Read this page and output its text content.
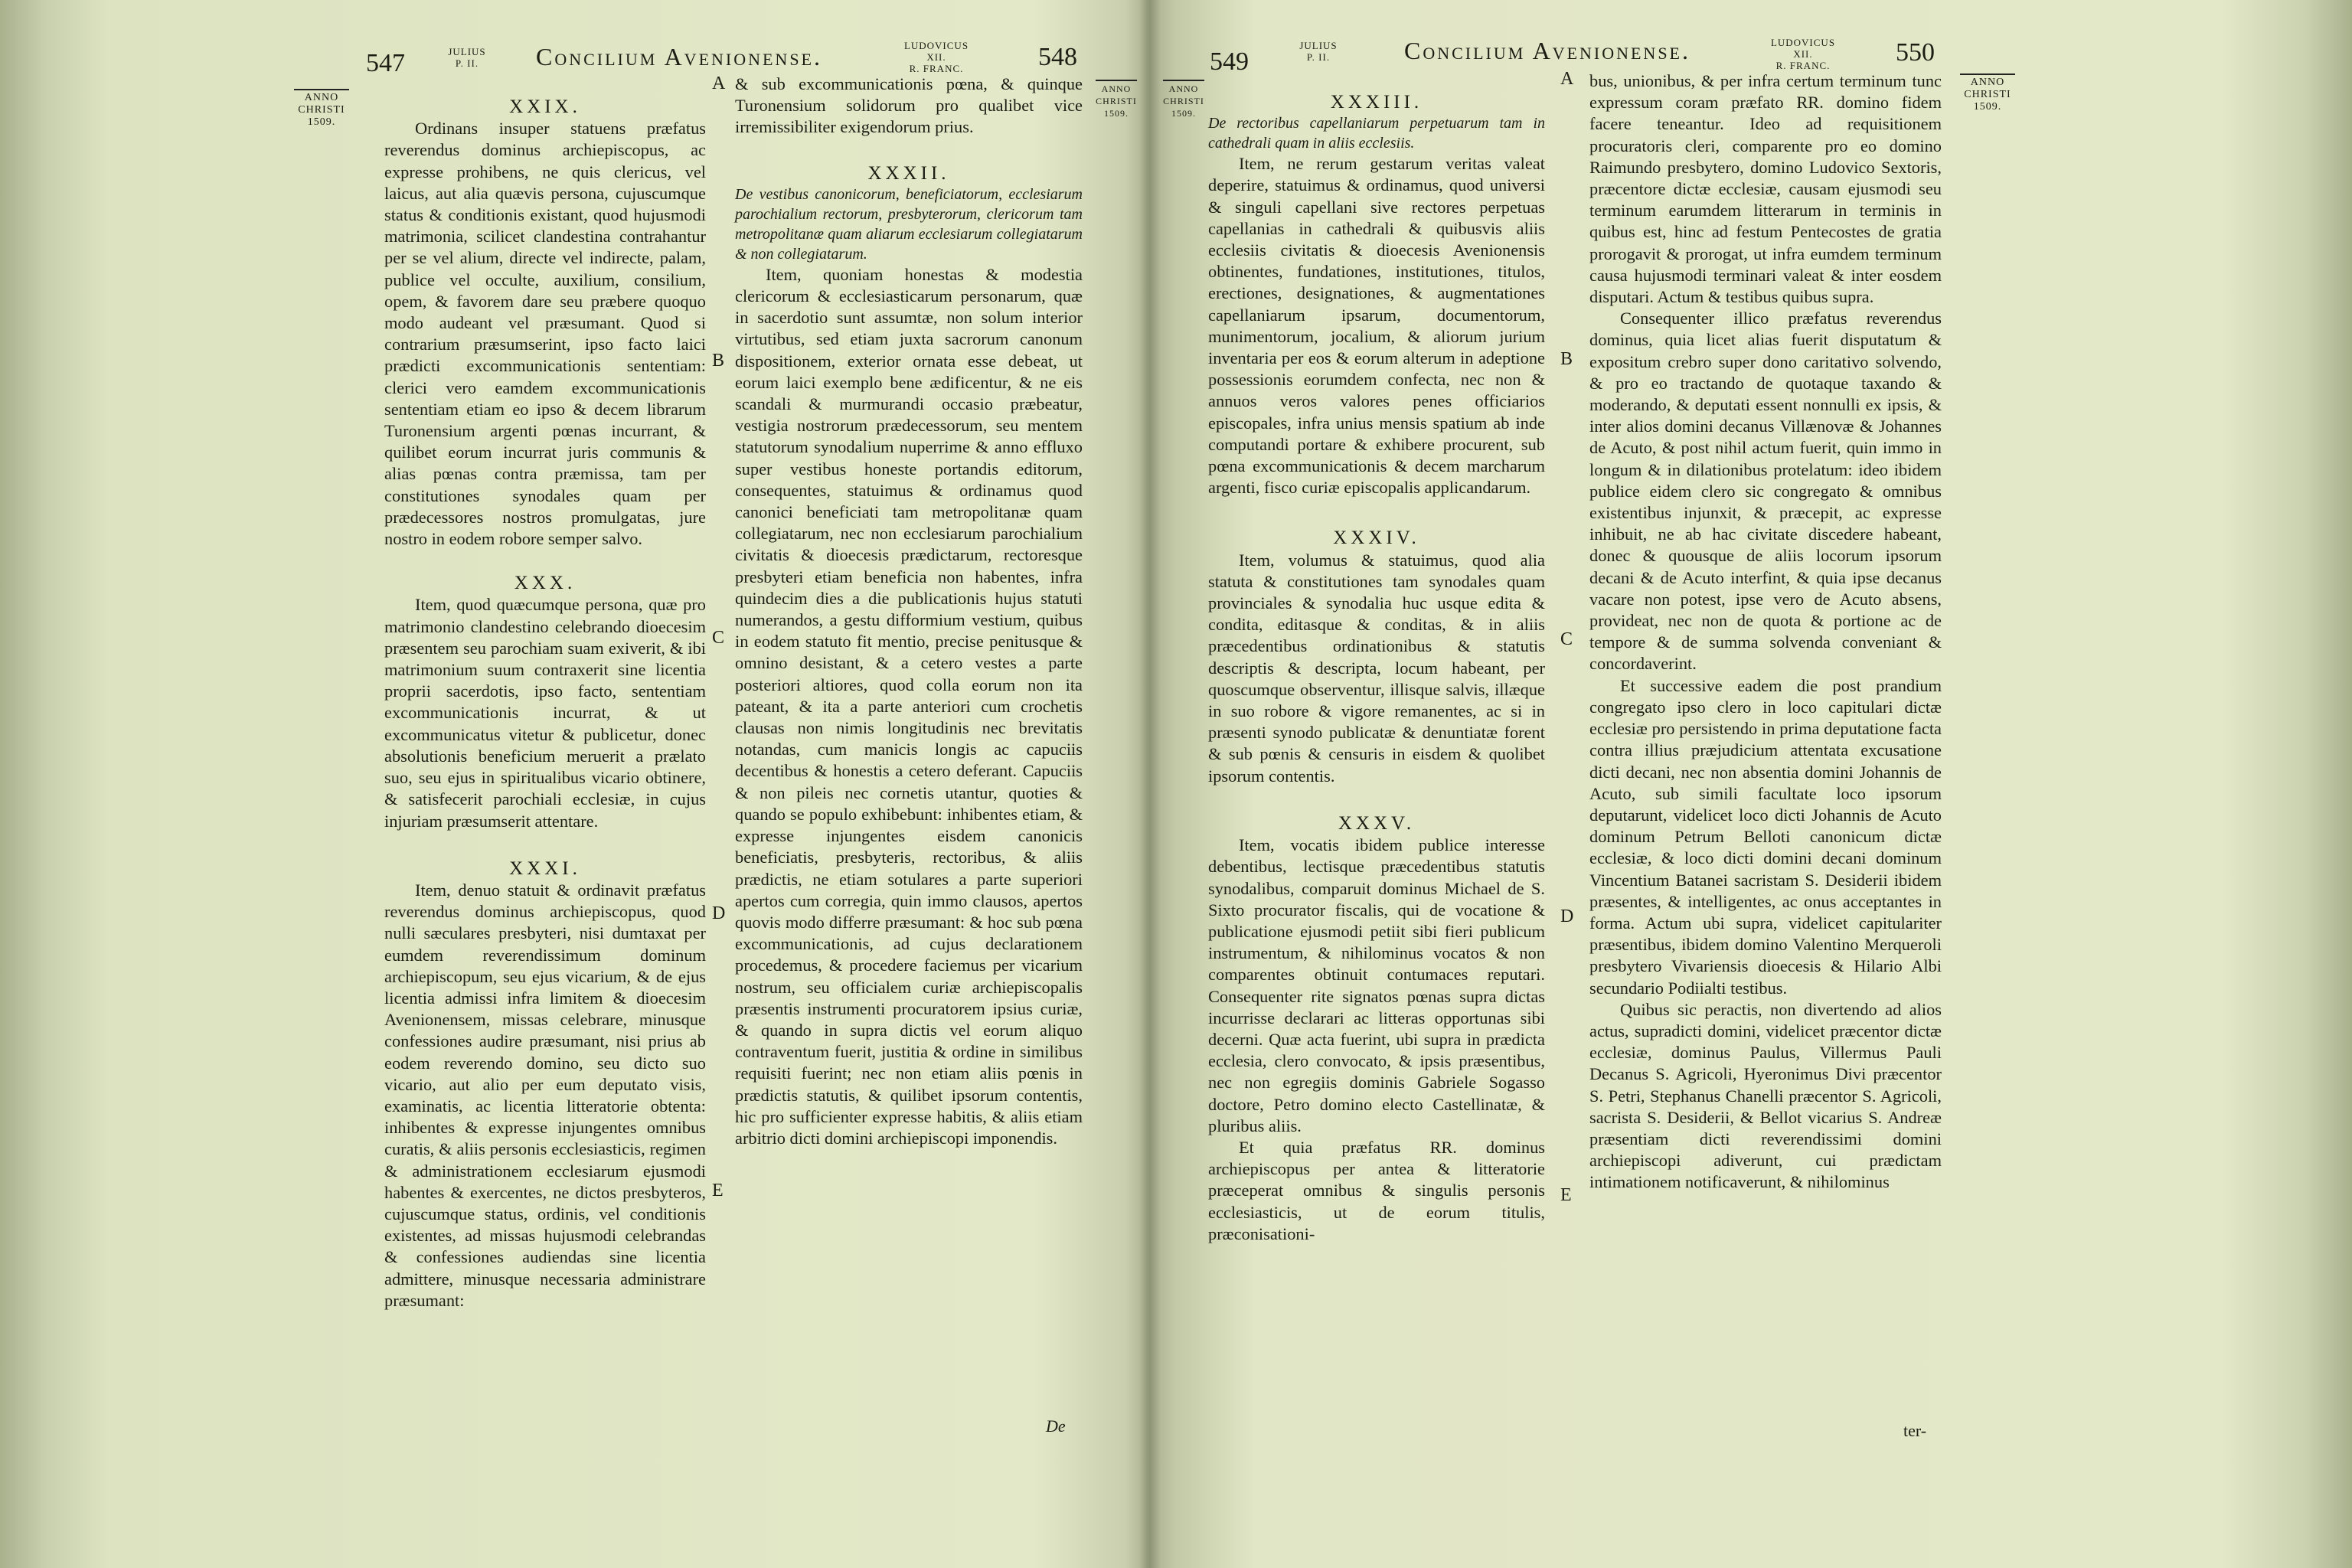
547	JULIUS
P. II.	Concilium Avenionense.	LUDOVICUS XII.
R. FRANC.	548
ANNO
CHRISTI
1509.
ANNO
CHRISTI
1509.

XXIX.

Ordinans insuper statuens præfatus reverendus dominus archiepiscopus, ac expresse prohibens, ne quis clericus, vel laicus, aut alia quævis persona, cujuscumque status & conditionis existant, quod hujusmodi matrimonia, scilicet clandestina contrahantur per se vel alium, directe vel indirecte, palam, publice vel occulte, auxilium, consilium, opem, & favorem dare seu præbere quoquo modo audeant vel præsumant. Quod si contrarium præsumserint, ipso facto laici prædicti excommunicationis sententiam: clerici vero eamdem excommunicationis sententiam etiam eo ipso & decem librarum Turonensium argenti pœnas incurrant, & quilibet eorum incurrat juris communis & alias pœnas contra præmissa, tam per constitutiones synodales quam per prædecessores nostros promulgatas, jure nostro in eodem robore semper salvo.

XXX.

Item, quod quæcumque persona, quæ pro matrimonio clandestino celebrando dioecesim præsentem seu parochiam suam exiverit, & ibi matrimonium suum contraxerit sine licentia proprii sacerdotis, ipso facto, sententiam excommunicationis incurrat, & ut excommunicatus vitetur & publicetur, donec absolutionis beneficium meruerit a prælato suo, seu ejus in spiritualibus vicario obtinere, & satisfecerit parochiali ecclesiæ, in cujus injuriam præsumserit attentare.

XXXI.

Item, denuo statuit & ordinavit præfatus reverendus dominus archiepiscopus, quod nulli sæculares presbyteri, nisi dumtaxat per eumdem reverendissimum dominum archiepiscopum, seu ejus vicarium, & de ejus licentia admissi infra limitem & dioecesim Avenionensem, missas celebrare, minusque confessiones audire præsumant, nisi prius ab eodem reverendo domino, seu dicto suo vicario, aut alio per eum deputato visis, examinatis, ac licentia litteratorie obtenta: inhibentes & expresse injungentes omnibus curatis, & aliis personis ecclesiasticis, regimen & administrationem ecclesiarum ejusmodi habentes & exercentes, ne dictos presbyteros, cujuscumque status, ordinis, vel conditionis existentes, ad missas hujusmodi celebrandas & confessiones audiendas sine licentia admittere, minusque necessaria administrare præsumant:

A
B
C
D
E

& sub excommunicationis pœna, & quinque Turonensium solidorum pro qualibet vice irremissibiliter exigendorum prius.

XXXII.

De vestibus canonicorum, beneficiatorum, ecclesiarum parochialium rectorum, presbyterorum, clericorum tam metropolitanæ quam aliarum ecclesiarum collegiatarum & non collegiatarum.

Item, quoniam honestas & modestia clericorum & ecclesiasticarum personarum, quæ in sacerdotio sunt assumtæ, non solum interior virtutibus, sed etiam juxta sacrorum canonum dispositionem, exterior ornata esse debeat, ut eorum laici exemplo bene ædificentur, & ne eis scandali & murmurandi occasio præbeatur, vestigia nostrorum prædecessorum, seu mentem statutorum synodalium nuperrime & anno effluxo super vestibus honeste portandis editorum, consequentes, statuimus & ordinamus quod canonici beneficiati tam metropolitanæ quam collegiatarum, nec non ecclesiarum parochialium civitatis & dioecesis prædictarum, rectoresque presbyteri etiam beneficia non habentes, infra quindecim dies a die publicationis hujus statuti numerandos, a gestu difformium vestium, quibus in eodem statuto fit mentio, precise penitusque & omnino desistant, & a cetero vestes a parte posteriori altiores, quod colla eorum non ita pateant, & ita a parte anteriori cum crochetis clausas non nimis longitudinis nec brevitatis notandas, cum manicis longis ac capuciis decentibus & honestis a cetero deferant. Capuciis & non pileis nec cornetis utantur, quoties & quando se populo exhibebunt: inhibentes etiam, & expresse injungentes eisdem canonicis beneficiatis, presbyteris, rectoribus, & aliis prædictis, ne etiam sotulares a parte superiori apertos cum corregia, quin immo clausos, apertos quovis modo differre præsumant: & hoc sub pœna excommunicationis, ad cujus declarationem procedemus, & procedere faciemus per vicarium nostrum, seu officialem curiæ archiepiscopalis præsentis instrumenti procuratorem ipsius curiæ, & quando in supra dictis vel eorum aliquo contraventum fuerit, justitia & ordine in similibus requisiti fuerint; nec non etiam aliis pœnis in prædictis statutis, & quilibet ipsorum contentis, hic pro sufficienter expresse habitis, & aliis etiam arbitrio dicti domini archiepiscopi imponendis.

De
549
JULIUS
P. II.	Concilium Avenionense.	LUDOVICUS XII.
R. FRANC.	550
ANNO
CHRISTI
1509.
ANNO
CHRISTI
1509.

XXXIII.

De rectoribus capellaniarum perpetuarum tam in cathedrali quam in aliis ecclesiis.

Item, ne rerum gestarum veritas valeat deperire, statuimus & ordinamus, quod universi & singuli capellani sive rectores perpetuas capellanias in cathedrali & quibusvis aliis ecclesiis civitatis & dioecesis Avenionensis obtinentes, fundationes, institutiones, titulos, erectiones, designationes, & augmentationes capellaniarum ipsarum, documentorum, munimentorum, jocalium, & aliorum jurium inventaria per eos & eorum alterum in adeptione possessionis eorumdem confecta, nec non & annuos veros valores penes officiarios episcopales, infra unius mensis spatium ab inde computandi portare & exhibere procurent, sub pœna excommunicationis & decem marcharum argenti, fisco curiæ episcopalis applicandarum.

XXXIV.

Item, volumus & statuimus, quod alia statuta & constitutiones tam synodales quam provinciales & synodalia huc usque edita & condita, editasque & conditas, & in aliis præcedentibus ordinationibus & statutis descriptis & descripta, locum habeant, per quoscumque observentur, illisque salvis, illæque in suo robore & vigore remanentes, ac si in præsenti synodo publicatæ & denuntiatæ forent & sub pœnis & censuris in eisdem & quolibet ipsorum contentis.

XXXV.

Item, vocatis ibidem publice interesse debentibus, lectisque præcedentibus statutis synodalibus, comparuit dominus Michael de S. Sixto procurator fiscalis, qui de vocatione & publicatione ejusmodi petiit sibi fieri publicum instrumentum, & nihilominus vocatos & non comparentes obtinuit contumaces reputari. Consequenter rite signatos pœnas supra dictas incurrisse declarari ac litteras opportunas sibi decerni. Quæ acta fuerint, ubi supra in prædicta ecclesia, clero convocato, & ipsis præsentibus, nec non egregiis dominis Gabriele Sogasso doctore, Petro domino electo Castellinatæ, & pluribus aliis.

Et quia præfatus RR. dominus archiepiscopus per antea & litteratorie præceperat omnibus & singulis personis ecclesiasticis, ut de eorum titulis, præconisationi-

A
B
C
D
E

bus, unionibus, & per infra certum terminum tunc expressum coram præfato RR. domino fidem facere teneantur. Ideo ad requisitionem procuratoris cleri, comparente pro eo domino Raimundo presbytero, domino Ludovico Sextoris, præcentore dictæ ecclesiæ, causam ejusmodi seu terminum earumdem litterarum in terminis in quibus est, hinc ad festum Pentecostes de gratia prorogavit & prorogat, ut infra eumdem terminum causa hujusmodi terminari valeat & inter eosdem disputari. Actum & testibus quibus supra.

Consequenter illico præfatus reverendus dominus, quia licet alias fuerit disputatum & expositum crebro super dono caritativo solvendo, & pro eo tractando de quotaque taxando & moderando, & deputati essent nonnulli ex ipsis, & inter alios domini decanus Villænovæ & Johannes de Acuto, & post nihil actum fuerit, quin immo in longum & in dilationibus protelatum: ideo ibidem publice eidem clero sic congregato & omnibus existentibus injunxit, & præcepit, ac expresse inhibuit, ne ab hac civitate discedere habeant, donec & quousque de aliis locorum ipsorum decani & de Acuto interfint, & quia ipse decanus vacare non potest, ipse vero de Acuto absens, provideat, nec non de quota & portione ac de tempore & de summa solvenda conveniant & concordaverint.

Et successive eadem die post prandium congregato ipso clero in loco capitulari dictæ ecclesiæ pro persistendo in prima deputatione facta contra illius præjudicium attentata excusatione dicti decani, nec non absentia domini Johannis de Acuto, sub simili facultate loco ipsorum deputarunt, videlicet loco dicti Johannis de Acuto dominum Petrum Belloti canonicum dictæ ecclesiæ, & loco dicti domini decani dominum Vincentium Batanei sacristam S. Desiderii ibidem præsentes, & intelligentes, ac onus acceptantes in forma. Actum ubi supra, videlicet capitulariter præsentibus, ibidem domino Valentino Merqueroli presbytero Vivariensis dioecesis & Hilario Albi secundario Podiialti testibus.

Quibus sic peractis, non divertendo ad alios actus, supradicti domini, videlicet præcentor dictæ ecclesiæ, dominus Paulus, Villermus Pauli Decanus S. Agricoli, Hyeronimus Divi præcentor S. Petri, Stephanus Chanelli præcentor S. Agricoli, sacrista S. Desiderii, & Bellot vicarius S. Andreæ præsentiam dicti reverendissimi domini archiepiscopi adiverunt, cui prædictam intimationem notificaverunt, & nihilominus

ter-
